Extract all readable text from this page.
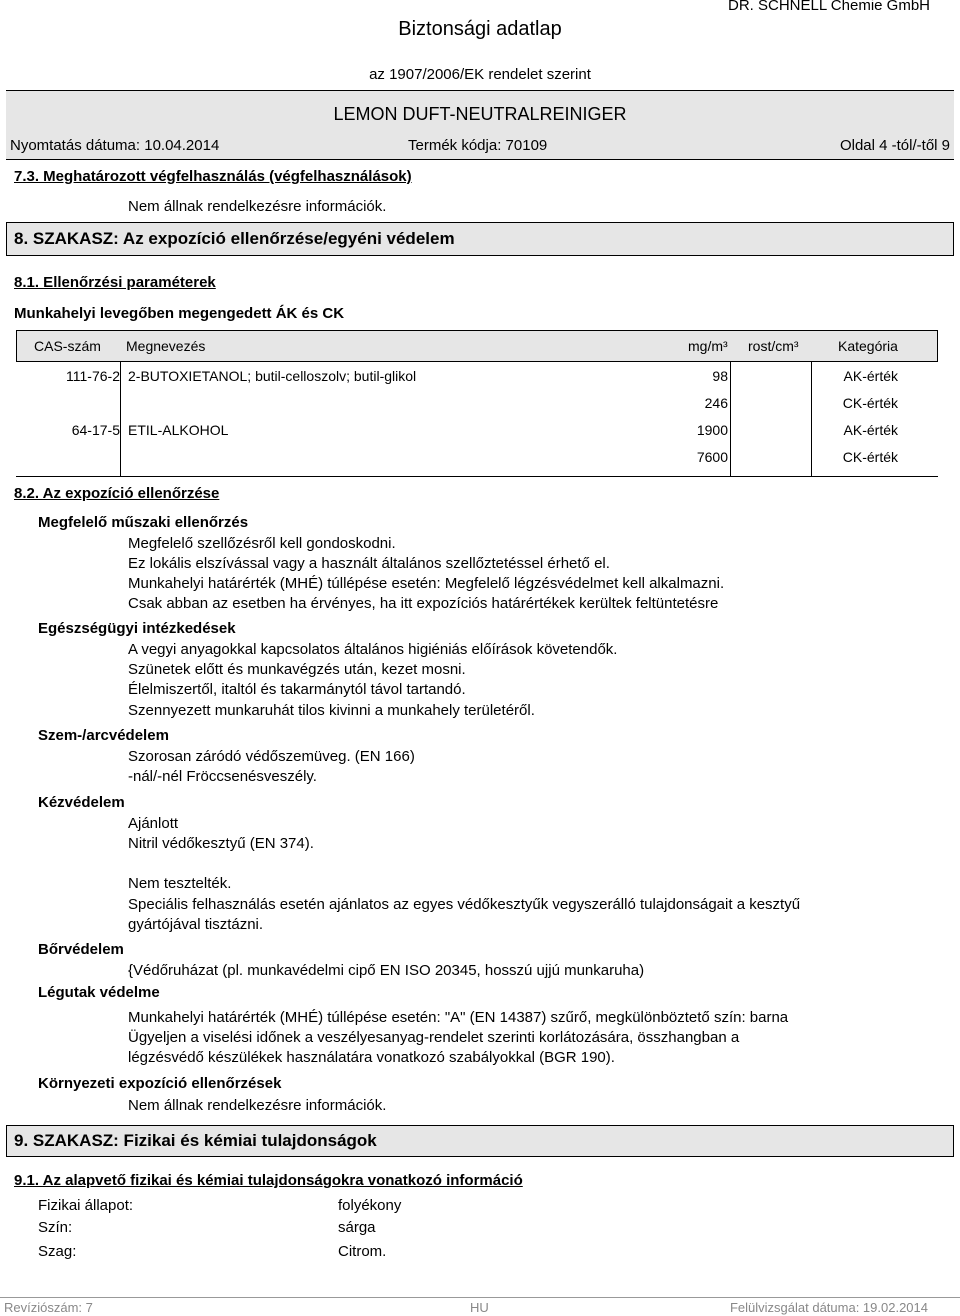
Biztonsági adatlap
DR. SCHNELL Chemie GmbH
az 1907/2006/EK rendelet szerint
LEMON DUFT-NEUTRALREINIGER
Nyomtatás dátuma: 10.04.2014	Termék kódja: 70109	Oldal 4 -tól/-től 9
7.3. Meghatározott végfelhasználás (végfelhasználások)
Nem állnak rendelkezésre információk.
8. SZAKASZ: Az expozíció ellenőrzése/egyéni védelem
8.1. Ellenőrzési paraméterek
Munkahelyi levegőben megengedett ÁK és CK
CAS-szám Megnevezés	mg/m³ rost/cm³	Kategória
111-76-2 2-BUTOXIETANOL; butil-celloszolv; butil-glikol	98	AK-érték
246	CK-érték
64-17-5 ETIL-ALKOHOL	1900	AK-érték
7600	CK-érték
8.2. Az expozíció ellenőrzése
Megfelelő műszaki ellenőrzés
Megfelelő szellőzésről kell gondoskodni.
Ez lokális elszívással vagy a használt általános szellőztetéssel érhető el.
Munkahelyi határérték (MHÉ) túllépése esetén: Megfelelő légzésvédelmet kell alkalmazni.
Csak abban az esetben ha érvényes, ha itt expozíciós határértékek kerültek feltüntetésre
Egészségügyi intézkedések
A vegyi anyagokkal kapcsolatos általános higiéniás előírások követendők.
Szünetek előtt és munkavégzés után, kezet mosni.
Élelmiszertől, italtól és takarmánytól távol tartandó.
Szennyezett munkaruhát tilos kivinni a munkahely területéről.
Szem-/arcvédelem
Szorosan záródó védőszemüveg. (EN 166)
-nál/-nél Fröccsenésveszély.
Kézvédelem
Ajánlott
Nitril védőkesztyű (EN 374).
Nem tesztelték.
Speciális felhasználás esetén ajánlatos az egyes védőkesztyűk vegyszerálló tulajdonságait a kesztyű
gyártójával tisztázni.
Bőrvédelem
{Védőruházat (pl. munkavédelmi cipő EN ISO 20345, hosszú ujjú munkaruha)
Légutak védelme
Munkahelyi határérték (MHÉ) túllépése esetén: "A" (EN 14387) szűrő, megkülönböztető szín: barna
Ügyeljen a viselési időnek a veszélyesanyag-rendelet szerinti korlátozására, összhangban a
légzésvédő készülékek használatára vonatkozó szabályokkal (BGR 190).
Környezeti expozíció ellenőrzések
Nem állnak rendelkezésre információk.
9. SZAKASZ: Fizikai és kémiai tulajdonságok
9.1. Az alapvető fizikai és kémiai tulajdonságokra vonatkozó információ
Fizikai állapot:	folyékony
Szín:	sárga
Szag:	Citrom.
Revíziószám: 7	HU	Felülvizsgálat dátuma: 19.02.2014
